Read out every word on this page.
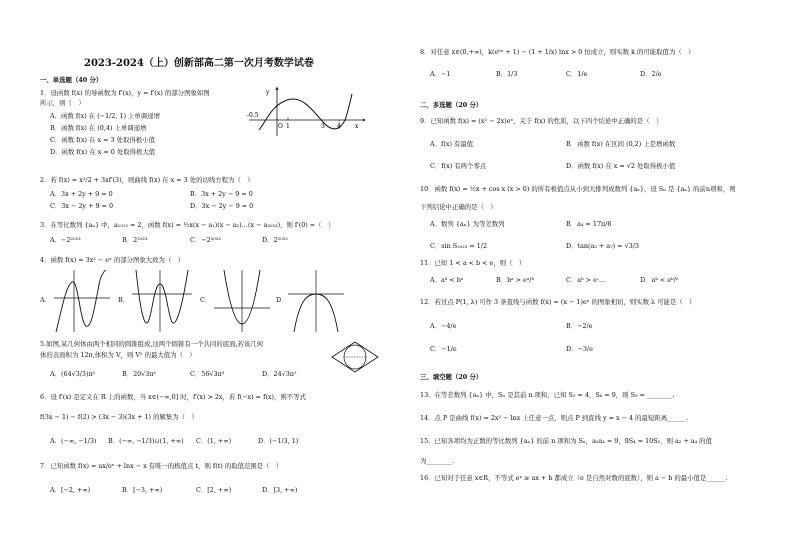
2023-2024（上）创新部高二第一次月考数学试卷
一、单选题（40 分）
1．设函数 f(x) 的导函数为 f′(x)，y = f′(x) 的部分图象如图
所示，则（　）
A．函数 f(x) 在 (−1/2, 1) 上单调递增
B．函数 f(x) 在 (0,4) 上单调递增
C．函数 f(x) 在 x = 3 处取得极小值
D．函数 f(x) 在 x = 0 处取得极大值
y
x
O
-0.5
1	3 4
2．若 f(x) = x²/2 + 3xf′(3)，则曲线 f(x) 在 x = 3 处的切线方程为（　）
A．3x + 2y + 9 = 0	B．3x + 2y − 9 = 0
C．3x − 2y + 9 = 0	D．3x − 2y − 9 = 0
3．在等比数列 {aₙ} 中，a₁₀₁₂ = 2，函数 f(x) = ½x(x − a₁)(x − a₂)…(x − a₂₀₂₃)，则 f′(0) =（　）
A．−2²⁰²³	B．2²⁰²³	C．−2²⁰²²	D．2²⁰²²
4．函数 f(x) = 3x² − eˣ 的部分图象大致为（　）
A．	B．	C．	D．
5.如图,某几何体由两个相同的圆锥组成,这两个圆锥有一个共同的底面,若该几何
体的表面积为 12π,体积为 V，则 V² 的最大值为（　）
A．(64√3/3)π²	B．20√3π²	C．56√3π²	D．24√3π²
6．设 f′(x) 是定义在 R 上的函数，当 x∈(−∞,0] 时，f′(x) > 2x，若 f(−x) = f(x)，则不等式
f(3x − 1) − f(2) > (3x − 3)(3x + 1) 的解集为（　）
A．(−∞, −1/3) B．(−∞, −1/3)∪(1, +∞) C．(1, +∞)	D．(−1/3, 1)
7．已知函数 f(x) = ax/eˣ + lnx − x 有唯一的极值点 t，则 f(t) 的取值范围是（　）
A．[−2, +∞)	B．[−3, +∞)	C．[2, +∞)	D．[3, +∞)
8．对任意 x∈(0,+∞)，k(eᵏˣ + 1) − (1 + 1/x) lnx > 0 恒成立，则实数 k 的可能取值为（　）
A．−1	B．1/3	C．1/e	D．2/e
二、多选题（20 分）
9．已知函数 f(x) = (x² − 2x)eˣ，关于 f(x) 的性质，以下四个结论中正确的是（　）
A．f(x) 有最值	B．函数 f(x) 在区间 (0,2) 上是增函数
C．f(x) 有两个零点	D．函数 f(x) 在 x = √2 处取得极小值
10．函数 f(x) = ½x + cos x (x > 0) 的所有极值点从小到大排列成数列 {aₙ}，设 Sₙ 是 {aₙ} 的前n项和，则
下列结论中正确的是（　）
A．数列 {aₙ} 为等差数列	B．a₄ = 17π/6
C．sin S₂₀₂₃ = 1/2	D．tan(a₃ + a₇) = √3/3
11．已知 1 < a < b < e，则（　）
A．aᵇ < bᵃ	B．bᵃ > eᵃ/ᵇ	C．aᵇ > e·…	D．aᵇ < eᵇ/ᵉ
12．若过点 P(1, λ) 可作 3 条直线与函数 f(x) = (x − 1)eˣ 的图象相切，则实数 λ 可能是（　）
A．−4/e	B．−2/e
C．−1/e	D．−3/e
三、填空题（20 分）
13．在等差数列 {aₙ} 中，Sₙ 是其前 n 项和，已知 S₃ = 4，S₆ = 9，则 S₉ = ________.
14．点 P 是曲线 f(x) = 2x² − lnx 上任意一点，则点 P 到直线 y = x − 4 的最短距离______.
15．已知各项均为正数的等比数列 {aₙ} 的前 n 项和为 Sₙ，a₂a₄ = 9，9S₄ = 10S₂，则 a₂ + a₄ 的值
为________.
16．已知对于任意 x∈R，不等式 eˣ ≥ ax + b 都成立（e 是自然对数的底数），则 a − b 的最小值是______.
